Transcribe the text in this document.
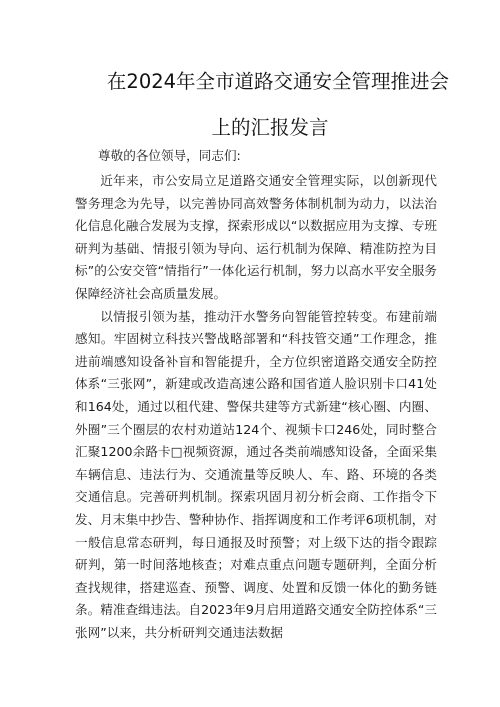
在2024年全市道路交通安全管理推进会
上的汇报发言

尊敬的各位领导，同志们:

近年来，市公安局立足道路交通安全管理实际，以创新现代警务理念为先导，以完善协同高效警务体制机制为动力，以法治化信息化融合发展为支撑，探索形成以“以数据应用为支撑、专班研判为基础、情报引领为导向、运行机制为保障、精准防控为目标”的公安交管“情指行”一体化运行机制，努力以高水平安全服务保障经济社会高质量发展。

以情报引领为基，推动汗水警务向智能管控转变。布建前端感知。牢固树立科技兴警战略部署和“科技管交通”工作理念，推进前端感知设备补盲和智能提升，全方位织密道路交通安全防控体系“三张网”，新建或改造高速公路和国省道人脸识别卡口41处和164处，通过以租代建、警保共建等方式新建“核心圈、内圈、外圈”三个圈层的农村劝道站124个、视频卡口246处，同时整合汇聚1200余路卡□视频资源，通过各类前端感知设备，全面采集车辆信息、违法行为、交通流量等反映人、车、路、环境的各类交通信息。完善研判机制。探索巩固月初分析会商、工作指令下发、月末集中抄告、警种协作、指挥调度和工作考评6项机制，对一般信息常态研判，每日通报及时预警；对上级下达的指令跟踪研判，第一时间落地核查；对难点重点问题专题研判，全面分析查找规律，搭建巡查、预警、调度、处置和反馈一体化的勤务链条。精准查缉违法。自2023年9月启用道路交通安全防控体系“三张网”以来，共分析研判交通违法数据
